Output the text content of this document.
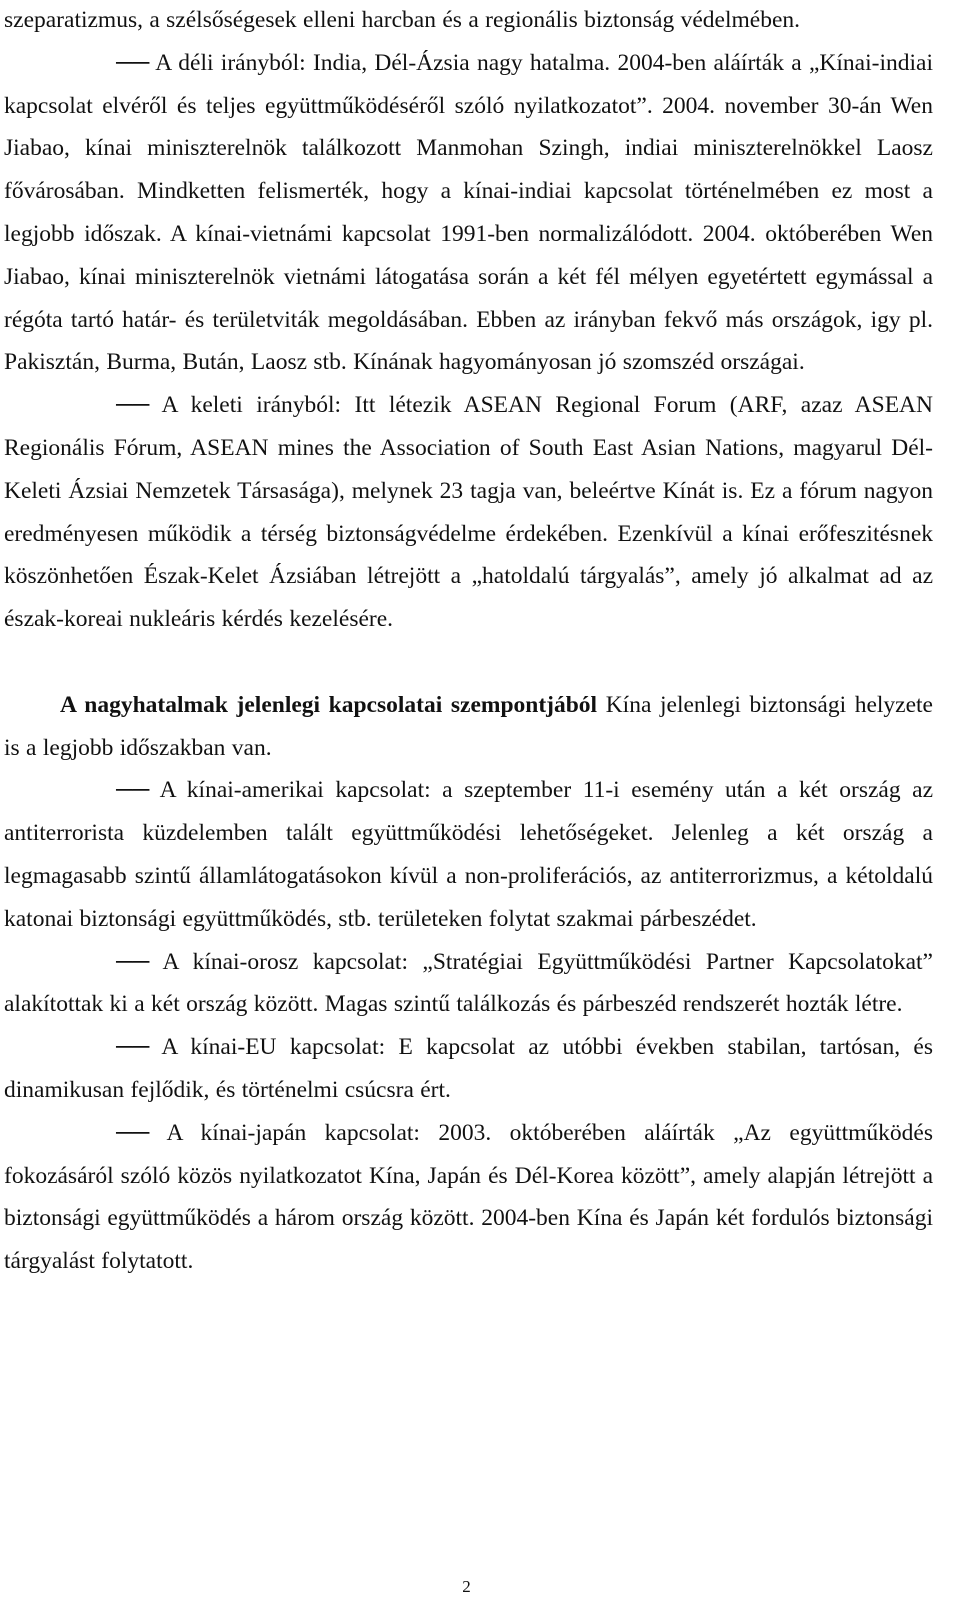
szeparatizmus, a szélsőségesek elleni harcban és a regionális biztonság védelmében.

── A déli irányból: India, Dél-Ázsia nagy hatalma. 2004-ben aláírták a „Kínai-indiai kapcsolat elvéről és teljes együttműködéséről szóló nyilatkozatot”. 2004. november 30-án Wen Jiabao, kínai miniszterelnök találkozott Manmohan Szingh, indiai miniszterelnökkel Laosz fővárosában. Mindketten felismerték, hogy a kínai-indiai kapcsolat történelmében ez most a legjobb időszak. A kínai-vietnámi kapcsolat 1991-ben normalizálódott. 2004. októberében Wen Jiabao, kínai miniszterelnök vietnámi látogatása során a két fél mélyen egyetértett egymással a régóta tartó határ- és területviták megoldásában. Ebben az irányban fekvő más országok, igy pl. Pakisztán, Burma, Bután, Laosz stb. Kínának hagyományosan jó szomszéd országai.

── A keleti irányból: Itt létezik ASEAN Regional Forum (ARF, azaz ASEAN Regionális Fórum, ASEAN mines the Association of South East Asian Nations, magyarul Dél-Keleti Ázsiai Nemzetek Társasága), melynek 23 tagja van, beleértve Kínát is. Ez a fórum nagyon eredményesen működik a térség biztonságvédelme érdekében. Ezenkívül a kínai erőfeszitésnek köszönhetően Észak-Kelet Ázsiában létrejött a „hatoldalú tárgyalás”, amely jó alkalmat ad az észak-koreai nukleáris kérdés kezelésére.

A nagyhatalmak jelenlegi kapcsolatai szempontjából Kína jelenlegi biztonsági helyzete is a legjobb időszakban van.

── A kínai-amerikai kapcsolat: a szeptember 11-i esemény után a két ország az antiterrorista küzdelemben talált együttműködési lehetőségeket. Jelenleg a két ország a legmagasabb szintű államlátogatásokon kívül a non-proliferációs, az antiterrorizmus, a kétoldalú katonai biztonsági együttműködés, stb. területeken folytat szakmai párbeszédet.

── A kínai-orosz kapcsolat: „Stratégiai Együttműködési Partner Kapcsolatokat” alakítottak ki a két ország között. Magas szintű találkozás és párbeszéd rendszerét hozták létre.

── A kínai-EU kapcsolat: E kapcsolat az utóbbi években stabilan, tartósan, és dinamikusan fejlődik, és történelmi csúcsra ért.

── A kínai-japán kapcsolat: 2003. októberében aláírták „Az együttműködés fokozásáról szóló közös nyilatkozatot Kína, Japán és Dél-Korea között”, amely alapján létrejött a biztonsági együttműködés a három ország között. 2004-ben Kína és Japán két fordulós biztonsági tárgyalást folytatott.

2
